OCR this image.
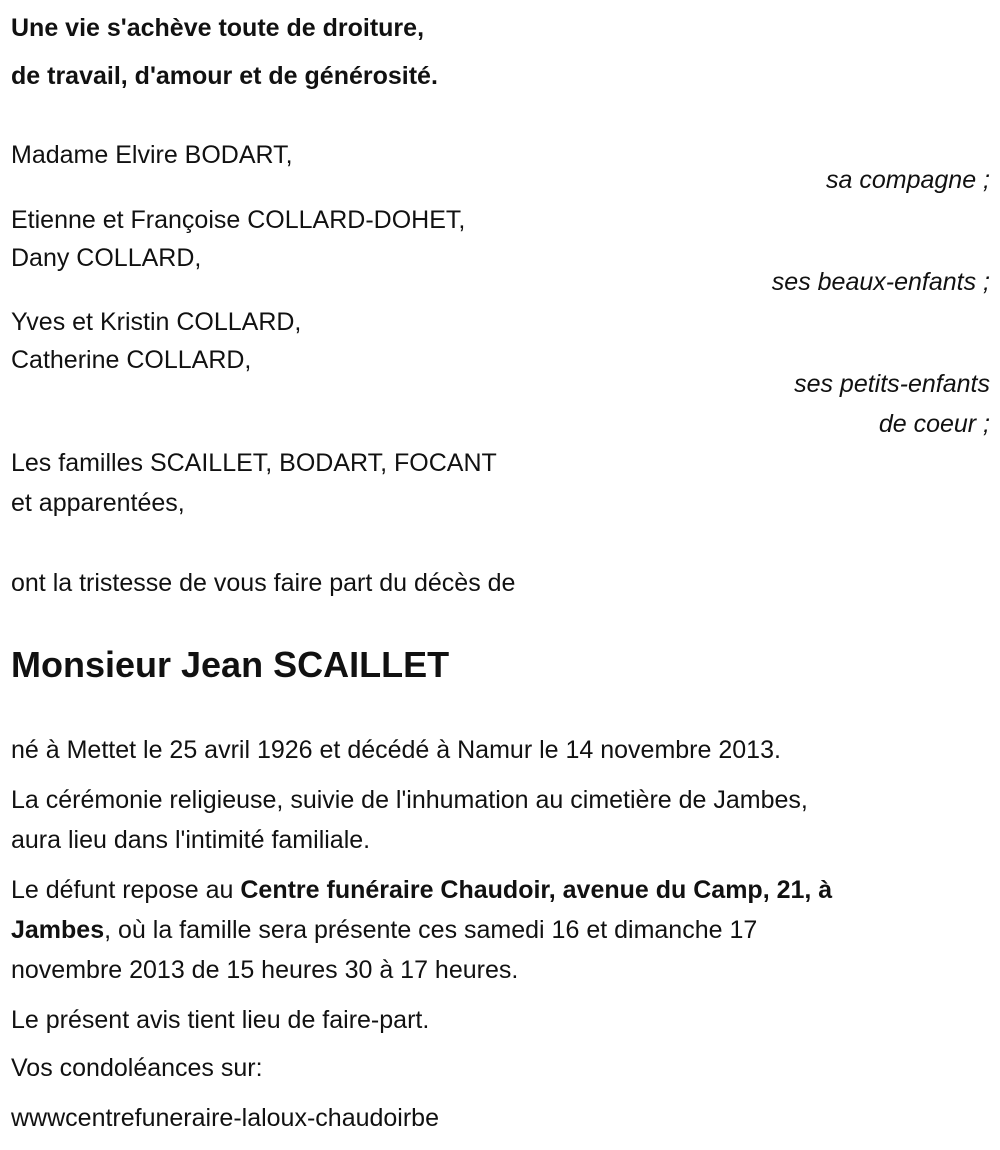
Une vie s'achève toute de droiture,
de travail, d'amour et de générosité.
Madame Elvire BODART,
sa compagne ;
Etienne et Françoise COLLARD-DOHET,
Dany COLLARD,
ses beaux-enfants ;
Yves et Kristin COLLARD,
Catherine COLLARD,
ses petits-enfants
de coeur ;
Les familles SCAILLET, BODART, FOCANT
et apparentées,
ont la tristesse de vous faire part du décès de
Monsieur Jean SCAILLET
né à Mettet le 25 avril 1926 et décédé à Namur le 14 novembre 2013.
La cérémonie religieuse, suivie de l'inhumation au cimetière de Jambes,
aura lieu dans l'intimité familiale.
Le défunt repose au Centre funéraire Chaudoir, avenue du Camp, 21, à
Jambes, où la famille sera présente ces samedi 16 et dimanche 17
novembre 2013 de 15 heures 30 à 17 heures.
Le présent avis tient lieu de faire-part.
Vos condoléances sur:
wwwcentrefuneraire-laloux-chaudoirbe
